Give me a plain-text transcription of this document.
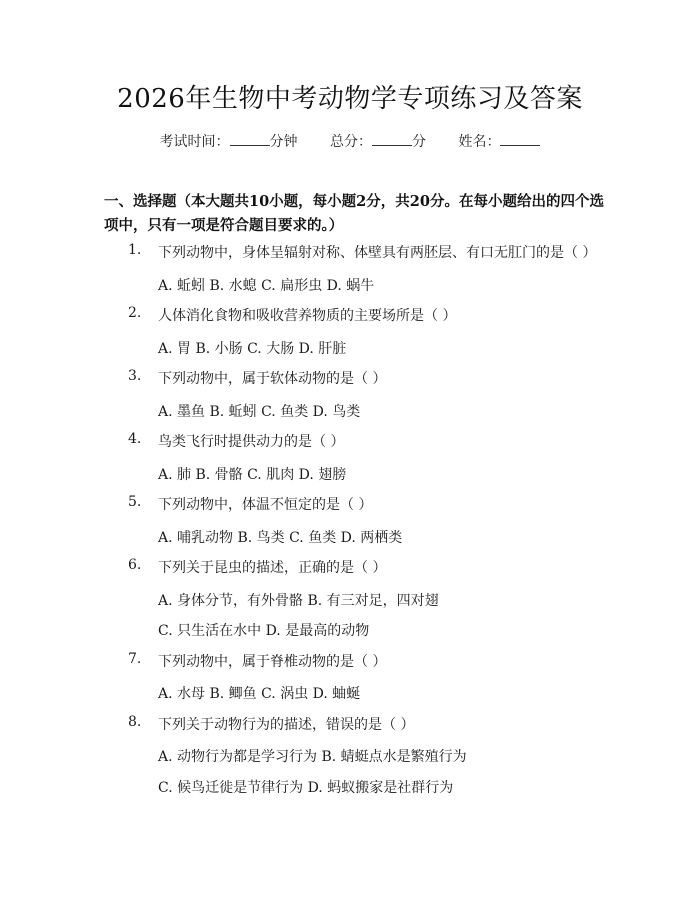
2026年生物中考动物学专项练习及答案
考试时间：	分钟 总分：	分 姓名：
一、选择题（本大题共10小题，每小题2分，共20分。在每小题给出的四个选项中，只有一项是符合题目要求的。）
1. 下列动物中，身体呈辐射对称、体壁具有两胚层、有口无肛门的是（ ）
A. 蚯蚓 B. 水螅 C. 扁形虫 D. 蜗牛
2. 人体消化食物和吸收营养物质的主要场所是（ ）
A. 胃 B. 小肠 C. 大肠 D. 肝脏
3. 下列动物中，属于软体动物的是（ ）
A. 墨鱼 B. 蚯蚓 C. 鱼类 D. 鸟类
4. 鸟类飞行时提供动力的是（ ）
A. 肺 B. 骨骼 C. 肌肉 D. 翅膀
5. 下列动物中，体温不恒定的是（ ）
A. 哺乳动物 B. 鸟类 C. 鱼类 D. 两栖类
6. 下列关于昆虫的描述，正确的是（ ）
A. 身体分节，有外骨骼 B. 有三对足，四对翅
C. 只生活在水中 D. 是最高的动物
7. 下列动物中，属于脊椎动物的是（ ）
A. 水母 B. 鲫鱼 C. 涡虫 D. 蚰蜒
8. 下列关于动物行为的描述，错误的是（ ）
A. 动物行为都是学习行为 B. 蜻蜓点水是繁殖行为
C. 候鸟迁徙是节律行为 D. 蚂蚁搬家是社群行为
